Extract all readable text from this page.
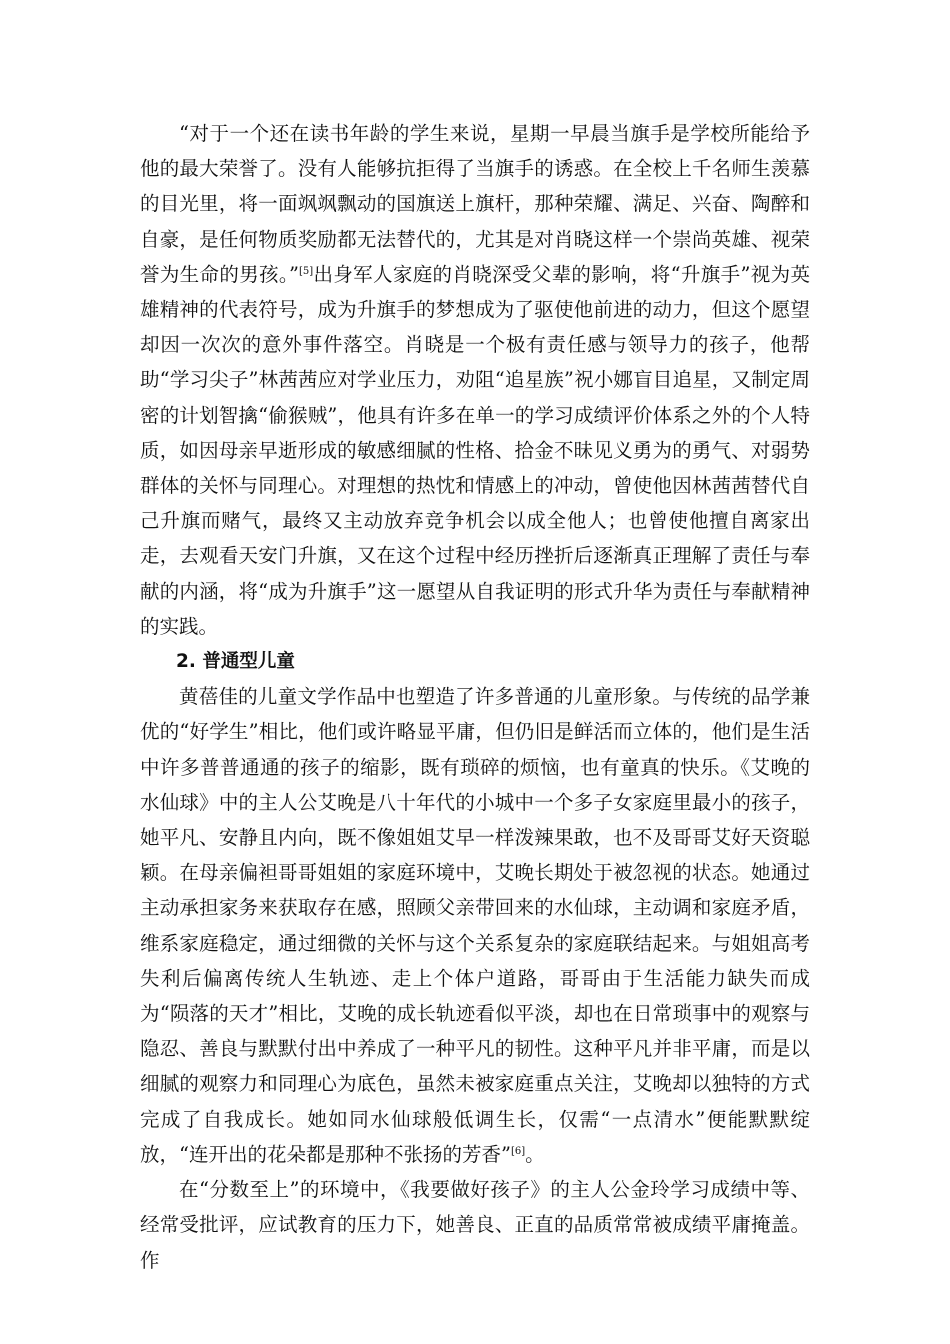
“对于一个还在读书年龄的学生来说，星期一早晨当旗手是学校所能给予他的最大荣誉了。没有人能够抗拒得了当旗手的诱惑。在全校上千名师生羡慕的目光里，将一面飒飒飘动的国旗送上旗杆，那种荣耀、满足、兴奋、陶醉和自豪，是任何物质奖励都无法替代的，尤其是对肖晓这样一个崇尚英雄、视荣誉为生命的男孩。”[5]出身军人家庭的肖晓深受父辈的影响，将“升旗手”视为英雄精神的代表符号，成为升旗手的梦想成为了驱使他前进的动力，但这个愿望却因一次次的意外事件落空。肖晓是一个极有责任感与领导力的孩子，他帮助“学习尖子”林茜茜应对学业压力，劝阻“追星族”祝小娜盲目追星，又制定周密的计划智擒“偷猴贼”，他具有许多在单一的学习成绩评价体系之外的个人特质，如因母亲早逝形成的敏感细腻的性格、拾金不昧见义勇为的勇气、对弱势群体的关怀与同理心。对理想的热忱和情感上的冲动，曾使他因林茜茜替代自己升旗而赌气，最终又主动放弃竞争机会以成全他人；也曾使他擅自离家出走，去观看天安门升旗，又在这个过程中经历挫折后逐渐真正理解了责任与奉献的内涵，将“成为升旗手”这一愿望从自我证明的形式升华为责任与奉献精神的实践。

2. 普通型儿童

黄蓓佳的儿童文学作品中也塑造了许多普通的儿童形象。与传统的品学兼优的“好学生”相比，他们或许略显平庸，但仍旧是鲜活而立体的，他们是生活中许多普普通通的孩子的缩影，既有琐碎的烦恼，也有童真的快乐。《艾晚的水仙球》中的主人公艾晚是八十年代的小城中一个多子女家庭里最小的孩子，她平凡、安静且内向，既不像姐姐艾早一样泼辣果敢，也不及哥哥艾好天资聪颖。在母亲偏袒哥哥姐姐的家庭环境中，艾晚长期处于被忽视的状态。她通过主动承担家务来获取存在感，照顾父亲带回来的水仙球，主动调和家庭矛盾，维系家庭稳定，通过细微的关怀与这个关系复杂的家庭联结起来。与姐姐高考失利后偏离传统人生轨迹、走上个体户道路，哥哥由于生活能力缺失而成为“陨落的天才”相比，艾晚的成长轨迹看似平淡，却也在日常琐事中的观察与隐忍、善良与默默付出中养成了一种平凡的韧性。这种平凡并非平庸，而是以细腻的观察力和同理心为底色，虽然未被家庭重点关注，艾晚却以独特的方式完成了自我成长。她如同水仙球般低调生长，仅需“一点清水”便能默默绽放，“连开出的花朵都是那种不张扬的芳香”[6]。

在“分数至上”的环境中，《我要做好孩子》的主人公金玲学习成绩中等、经常受批评，应试教育的压力下，她善良、正直的品质常常被成绩平庸掩盖。作
